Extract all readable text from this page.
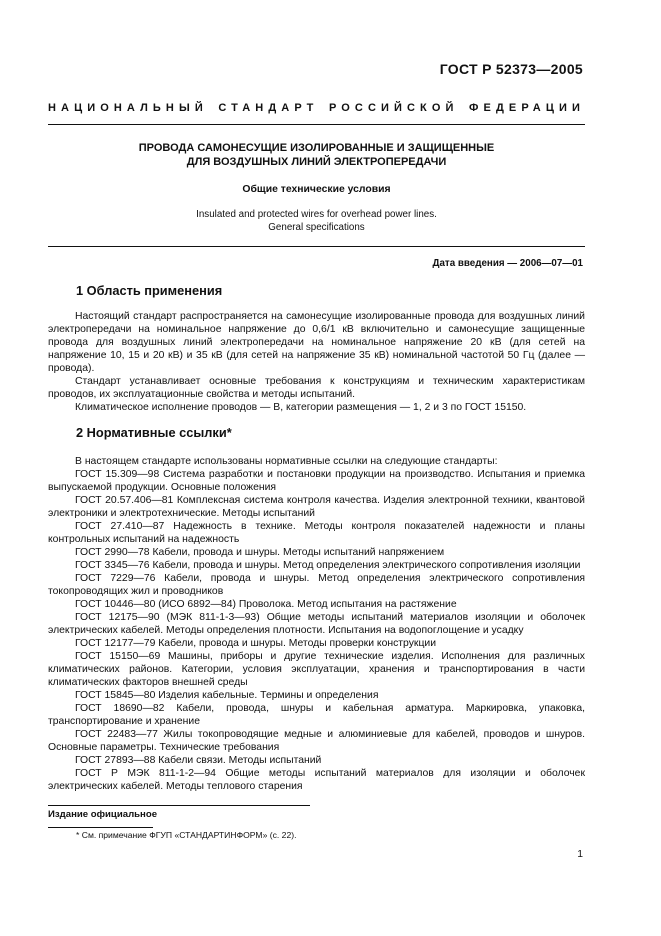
ГОСТ Р 52373—2005
НАЦИОНАЛЬНЫЙ СТАНДАРТ РОССИЙСКОЙ ФЕДЕРАЦИИ
ПРОВОДА САМОНЕСУЩИЕ ИЗОЛИРОВАННЫЕ И ЗАЩИЩЕННЫЕ
ДЛЯ ВОЗДУШНЫХ ЛИНИЙ ЭЛЕКТРОПЕРЕДАЧИ
Общие технические условия
Insulated and protected wires for overhead power lines.
General specifications
Дата введения — 2006—07—01
1 Область применения

Настоящий стандарт распространяется на самонесущие изолированные провода для воздушных линий электропередачи на номинальное напряжение до 0,6/1 кВ включительно и самонесущие защищенные провода для воздушных линий электропередачи на номинальное напряжение 20 кВ (для сетей на напряжение 10, 15 и 20 кВ) и 35 кВ (для сетей на напряжение 35 кВ) номинальной частотой 50 Гц (далее — провода).

Стандарт устанавливает основные требования к конструкциям и техническим характеристикам проводов, их эксплуатационные свойства и методы испытаний.

Климатическое исполнение проводов — В, категории размещения — 1, 2 и 3 по ГОСТ 15150.

2 Нормативные ссылки*

В настоящем стандарте использованы нормативные ссылки на следующие стандарты:

ГОСТ 15.309—98 Система разработки и постановки продукции на производство. Испытания и приемка выпускаемой продукции. Основные положения

ГОСТ 20.57.406—81 Комплексная система контроля качества. Изделия электронной техники, квантовой электроники и электротехнические. Методы испытаний

ГОСТ 27.410—87 Надежность в технике. Методы контроля показателей надежности и планы контрольных испытаний на надежность

ГОСТ 2990—78 Кабели, провода и шнуры. Методы испытаний напряжением

ГОСТ 3345—76 Кабели, провода и шнуры. Метод определения электрического сопротивления изоляции

ГОСТ 7229—76 Кабели, провода и шнуры. Метод определения электрического сопротивления токопроводящих жил и проводников

ГОСТ 10446—80 (ИСО 6892—84) Проволока. Метод испытания на растяжение

ГОСТ 12175—90 (МЭК 811-1-3—93) Общие методы испытаний материалов изоляции и оболочек электрических кабелей. Методы определения плотности. Испытания на водопоглощение и усадку

ГОСТ 12177—79 Кабели, провода и шнуры. Методы проверки конструкции

ГОСТ 15150—69 Машины, приборы и другие технические изделия. Исполнения для различных климатических районов. Категории, условия эксплуатации, хранения и транспортирования в части климатических факторов внешней среды

ГОСТ 15845—80 Изделия кабельные. Термины и определения

ГОСТ 18690—82 Кабели, провода, шнуры и кабельная арматура. Маркировка, упаковка, транспортирование и хранение

ГОСТ 22483—77 Жилы токопроводящие медные и алюминиевые для кабелей, проводов и шнуров. Основные параметры. Технические требования

ГОСТ 27893—88 Кабели связи. Методы испытаний

ГОСТ Р МЭК 811-1-2—94 Общие методы испытаний материалов для изоляции и оболочек электрических кабелей. Методы теплового старения

Издание официальное
* См. примечание ФГУП «СТАНДАРТИНФОРМ» (с. 22).
1
